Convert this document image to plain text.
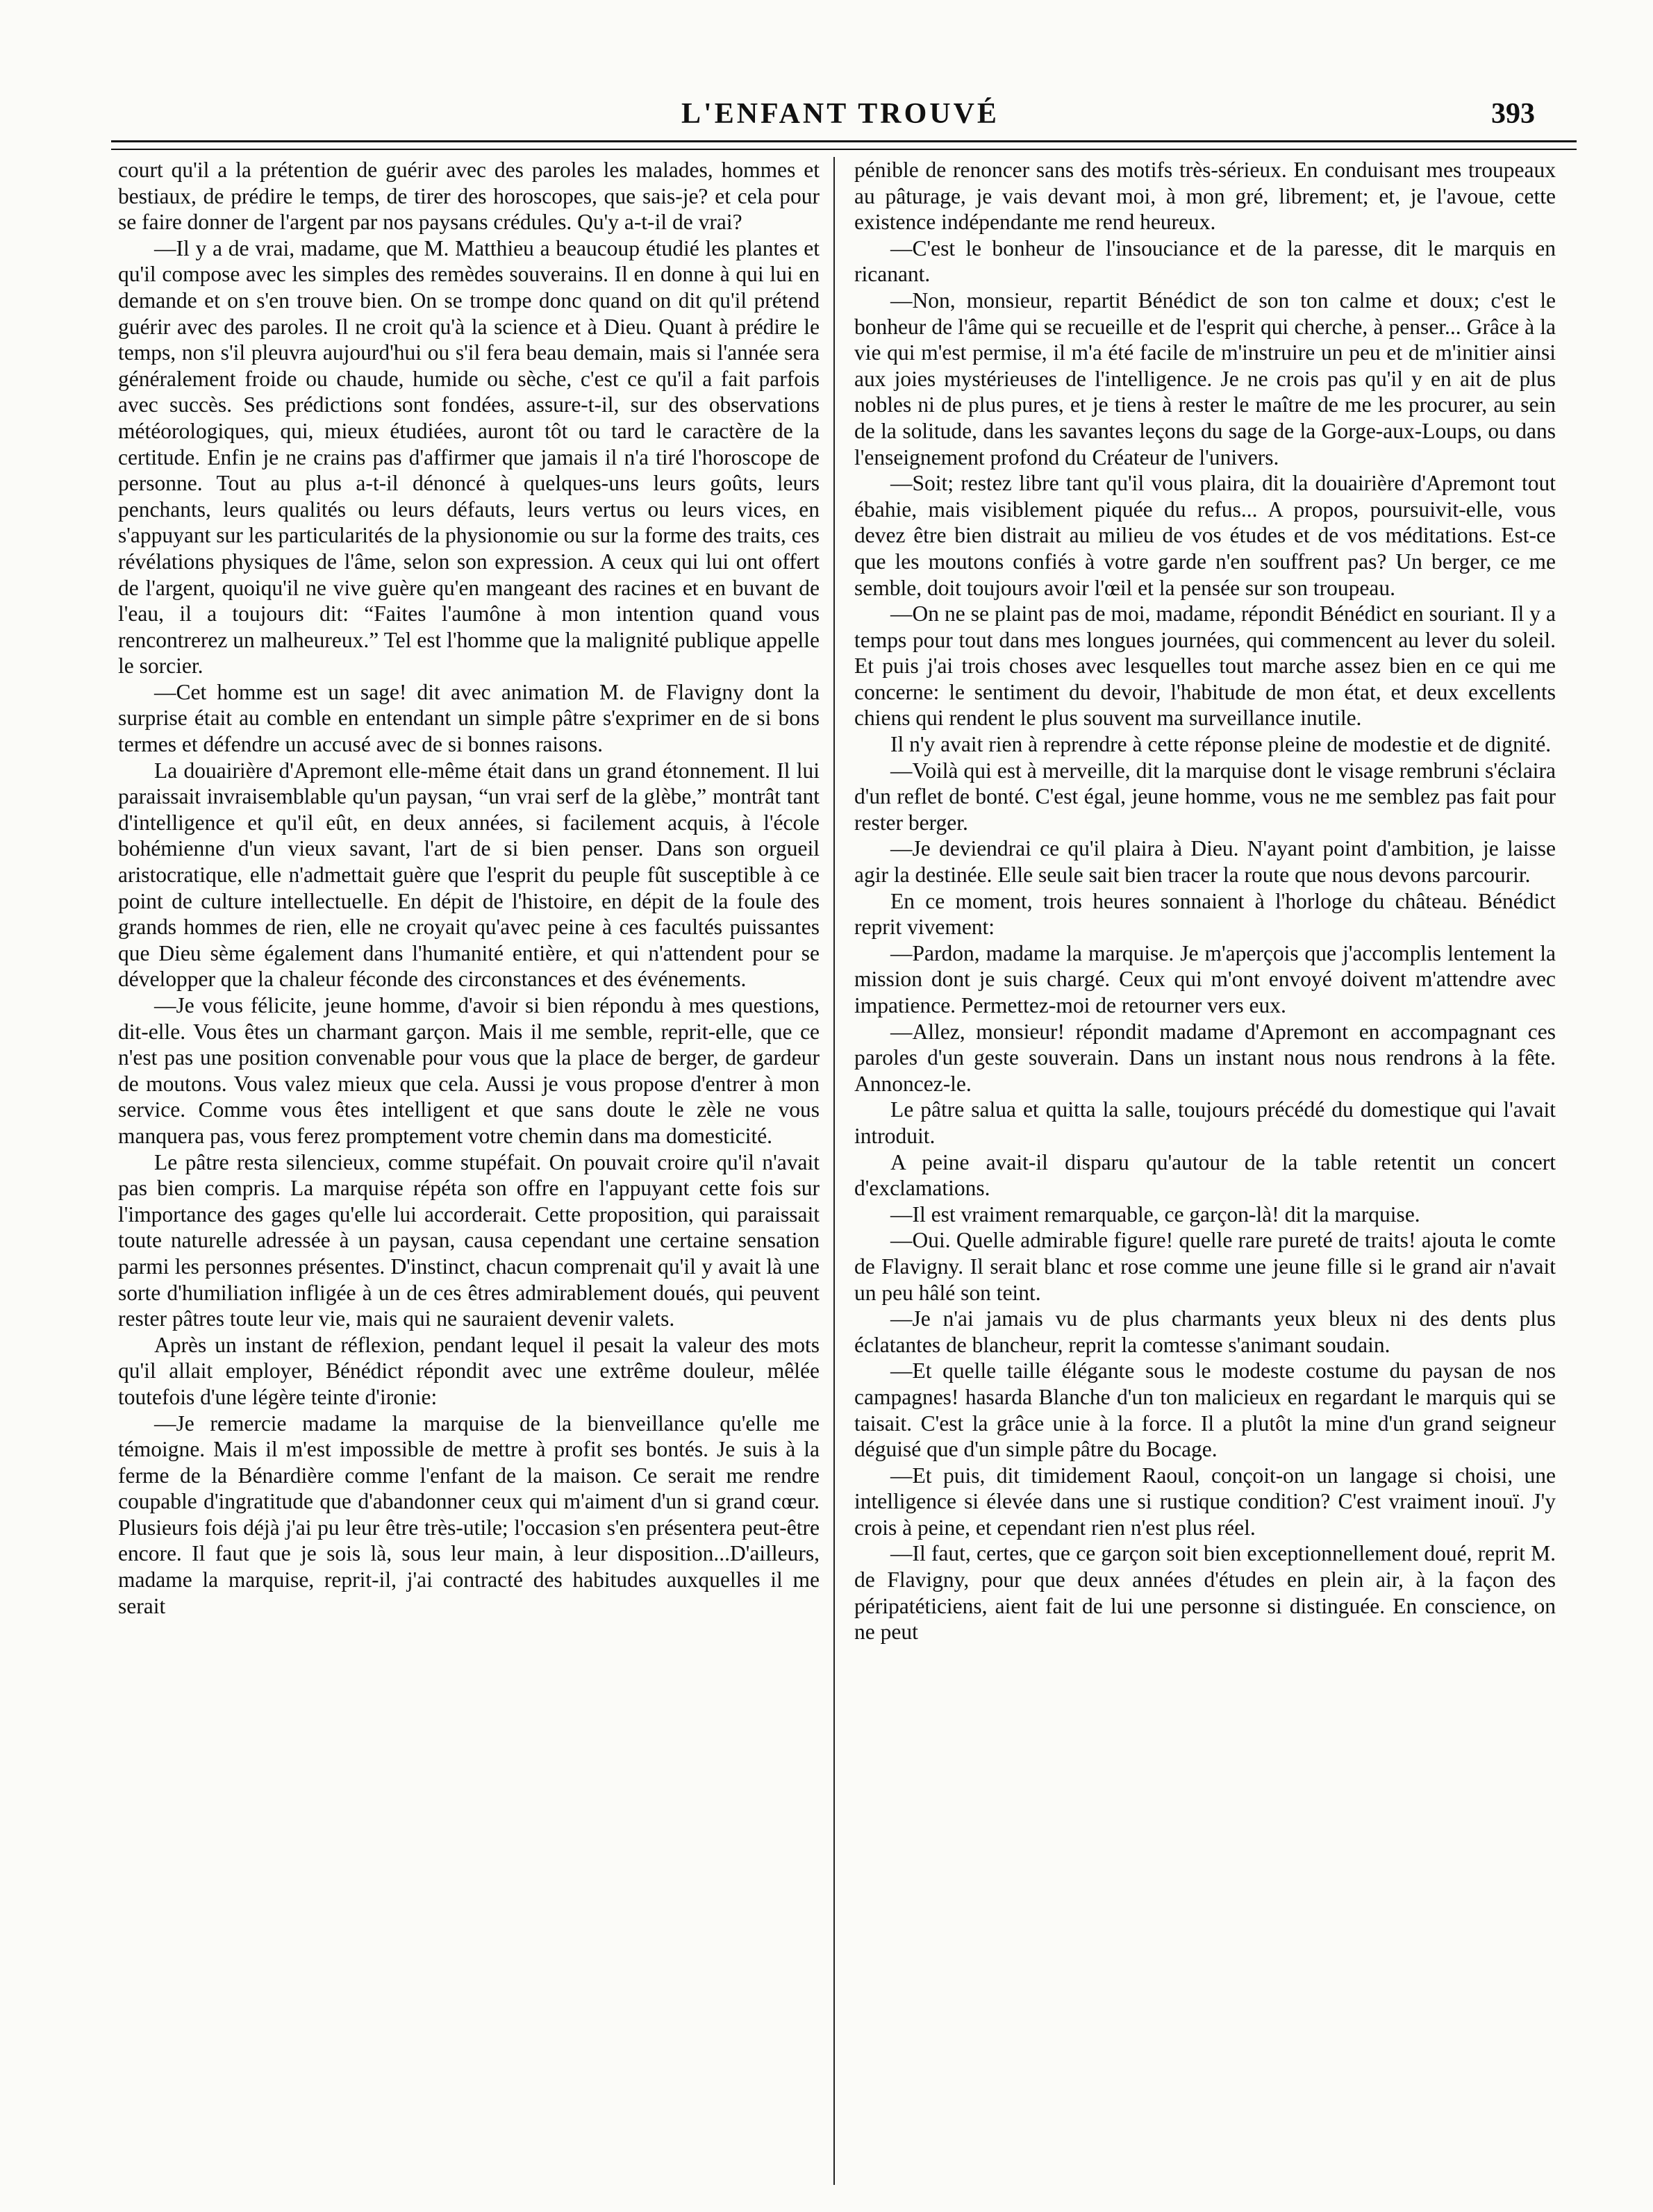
L'ENFANT TROUVÉ	393

court qu'il a la prétention de guérir avec des paroles les malades, hommes et bestiaux, de prédire le temps, de tirer des horoscopes, que sais-je? et cela pour se faire donner de l'argent par nos paysans crédules. Qu'y a-t-il de vrai?

—Il y a de vrai, madame, que M. Matthieu a beaucoup étudié les plantes et qu'il compose avec les simples des remèdes souverains. Il en donne à qui lui en demande et on s'en trouve bien. On se trompe donc quand on dit qu'il prétend guérir avec des paroles. Il ne croit qu'à la science et à Dieu. Quant à prédire le temps, non s'il pleuvra aujourd'hui ou s'il fera beau demain, mais si l'année sera généralement froide ou chaude, humide ou sèche, c'est ce qu'il a fait parfois avec succès. Ses prédictions sont fondées, assure-t-il, sur des observations météorologiques, qui, mieux étudiées, auront tôt ou tard le caractère de la certitude. Enfin je ne crains pas d'affirmer que jamais il n'a tiré l'horoscope de personne. Tout au plus a-t-il dénoncé à quelques-uns leurs goûts, leurs penchants, leurs qualités ou leurs défauts, leurs vertus ou leurs vices, en s'appuyant sur les particularités de la physionomie ou sur la forme des traits, ces révélations physiques de l'âme, selon son expression. A ceux qui lui ont offert de l'argent, quoiqu'il ne vive guère qu'en mangeant des racines et en buvant de l'eau, il a toujours dit: “Faites l'aumône à mon intention quand vous rencontrerez un malheureux.” Tel est l'homme que la malignité publique appelle le sorcier.

—Cet homme est un sage! dit avec animation M. de Flavigny dont la surprise était au comble en entendant un simple pâtre s'exprimer en de si bons termes et défendre un accusé avec de si bonnes raisons.

La douairière d'Apremont elle-même était dans un grand étonnement. Il lui paraissait invraisemblable qu'un paysan, “un vrai serf de la glèbe,” montrât tant d'intelligence et qu'il eût, en deux années, si facilement acquis, à l'école bohémienne d'un vieux savant, l'art de si bien penser. Dans son orgueil aristocratique, elle n'admettait guère que l'esprit du peuple fût susceptible à ce point de culture intellectuelle. En dépit de l'histoire, en dépit de la foule des grands hommes de rien, elle ne croyait qu'avec peine à ces facultés puissantes que Dieu sème également dans l'humanité entière, et qui n'attendent pour se développer que la chaleur féconde des circonstances et des événements.

—Je vous félicite, jeune homme, d'avoir si bien répondu à mes questions, dit-elle. Vous êtes un charmant garçon. Mais il me semble, reprit-elle, que ce n'est pas une position convenable pour vous que la place de berger, de gardeur de moutons. Vous valez mieux que cela. Aussi je vous propose d'entrer à mon service. Comme vous êtes intelligent et que sans doute le zèle ne vous manquera pas, vous ferez promptement votre chemin dans ma domesticité.

Le pâtre resta silencieux, comme stupéfait. On pouvait croire qu'il n'avait pas bien compris. La marquise répéta son offre en l'appuyant cette fois sur l'importance des gages qu'elle lui accorderait. Cette proposition, qui paraissait toute naturelle adressée à un paysan, causa cependant une certaine sensation parmi les personnes présentes. D'instinct, chacun comprenait qu'il y avait là une sorte d'humiliation infligée à un de ces êtres admirablement doués, qui peuvent rester pâtres toute leur vie, mais qui ne sauraient devenir valets.

Après un instant de réflexion, pendant lequel il pesait la valeur des mots qu'il allait employer, Bénédict répondit avec une extrême douleur, mêlée toutefois d'une légère teinte d'ironie:

—Je remercie madame la marquise de la bienveillance qu'elle me témoigne. Mais il m'est impossible de mettre à profit ses bontés. Je suis à la ferme de la Bénardière comme l'enfant de la maison. Ce serait me rendre coupable d'ingratitude que d'abandonner ceux qui m'aiment d'un si grand cœur. Plusieurs fois déjà j'ai pu leur être très-utile; l'occasion s'en présentera peut-être encore. Il faut que je sois là, sous leur main, à leur disposition...D'ailleurs, madame la marquise, reprit-il, j'ai contracté des habitudes auxquelles il me serait

pénible de renoncer sans des motifs très-sérieux. En conduisant mes troupeaux au pâturage, je vais devant moi, à mon gré, librement; et, je l'avoue, cette existence indépendante me rend heureux.

—C'est le bonheur de l'insouciance et de la paresse, dit le marquis en ricanant.

—Non, monsieur, repartit Bénédict de son ton calme et doux; c'est le bonheur de l'âme qui se recueille et de l'esprit qui cherche, à penser... Grâce à la vie qui m'est permise, il m'a été facile de m'instruire un peu et de m'initier ainsi aux joies mystérieuses de l'intelligence. Je ne crois pas qu'il y en ait de plus nobles ni de plus pures, et je tiens à rester le maître de me les procurer, au sein de la solitude, dans les savantes leçons du sage de la Gorge-aux-Loups, ou dans l'enseignement profond du Créateur de l'univers.

—Soit; restez libre tant qu'il vous plaira, dit la douairière d'Apremont tout ébahie, mais visiblement piquée du refus... A propos, poursuivit-elle, vous devez être bien distrait au milieu de vos études et de vos méditations. Est-ce que les moutons confiés à votre garde n'en souffrent pas? Un berger, ce me semble, doit toujours avoir l'œil et la pensée sur son troupeau.

—On ne se plaint pas de moi, madame, répondit Bénédict en souriant. Il y a temps pour tout dans mes longues journées, qui commencent au lever du soleil. Et puis j'ai trois choses avec lesquelles tout marche assez bien en ce qui me concerne: le sentiment du devoir, l'habitude de mon état, et deux excellents chiens qui rendent le plus souvent ma surveillance inutile.

Il n'y avait rien à reprendre à cette réponse pleine de modestie et de dignité.

—Voilà qui est à merveille, dit la marquise dont le visage rembruni s'éclaira d'un reflet de bonté. C'est égal, jeune homme, vous ne me semblez pas fait pour rester berger.

—Je deviendrai ce qu'il plaira à Dieu. N'ayant point d'ambition, je laisse agir la destinée. Elle seule sait bien tracer la route que nous devons parcourir.

En ce moment, trois heures sonnaient à l'horloge du château. Bénédict reprit vivement:

—Pardon, madame la marquise. Je m'aperçois que j'accomplis lentement la mission dont je suis chargé. Ceux qui m'ont envoyé doivent m'attendre avec impatience. Permettez-moi de retourner vers eux.

—Allez, monsieur! répondit madame d'Apremont en accompagnant ces paroles d'un geste souverain. Dans un instant nous nous rendrons à la fête. Annoncez-le.

Le pâtre salua et quitta la salle, toujours précédé du domestique qui l'avait introduit.

A peine avait-il disparu qu'autour de la table retentit un concert d'exclamations.

—Il est vraiment remarquable, ce garçon-là! dit la marquise.

—Oui. Quelle admirable figure! quelle rare pureté de traits! ajouta le comte de Flavigny. Il serait blanc et rose comme une jeune fille si le grand air n'avait un peu hâlé son teint.

—Je n'ai jamais vu de plus charmants yeux bleux ni des dents plus éclatantes de blancheur, reprit la comtesse s'animant soudain.

—Et quelle taille élégante sous le modeste costume du paysan de nos campagnes! hasarda Blanche d'un ton malicieux en regardant le marquis qui se taisait. C'est la grâce unie à la force. Il a plutôt la mine d'un grand seigneur déguisé que d'un simple pâtre du Bocage.

—Et puis, dit timidement Raoul, conçoit-on un langage si choisi, une intelligence si élevée dans une si rustique condition? C'est vraiment inouï. J'y crois à peine, et cependant rien n'est plus réel.

—Il faut, certes, que ce garçon soit bien exceptionnellement doué, reprit M. de Flavigny, pour que deux années d'études en plein air, à la façon des péripatéticiens, aient fait de lui une personne si distinguée. En conscience, on ne peut
